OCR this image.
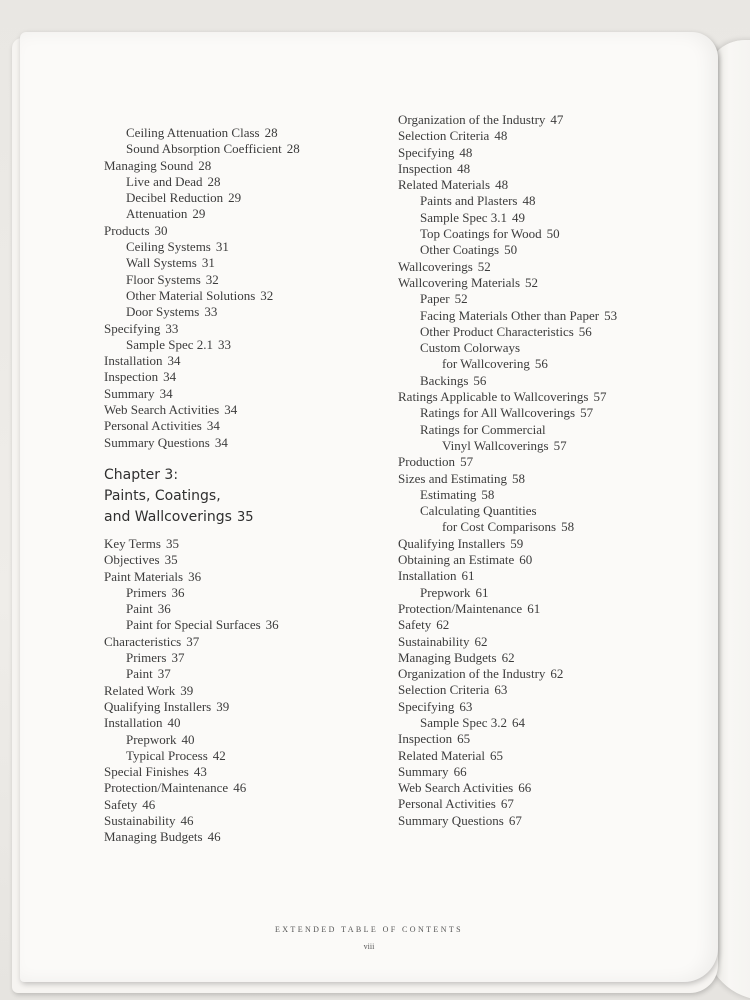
Ceiling Attenuation Class 28
Sound Absorption Coefficient 28
Managing Sound 28
Live and Dead 28
Decibel Reduction 29
Attenuation 29
Products 30
Ceiling Systems 31
Wall Systems 31
Floor Systems 32
Other Material Solutions 32
Door Systems 33
Specifying 33
Sample Spec 2.1 33
Installation 34
Inspection 34
Summary 34
Web Search Activities 34
Personal Activities 34
Summary Questions 34
Chapter 3:
Paints, Coatings,
and Wallcoverings 35
Key Terms 35
Objectives 35
Paint Materials 36
Primers 36
Paint 36
Paint for Special Surfaces 36
Characteristics 37
Primers 37
Paint 37
Related Work 39
Qualifying Installers 39
Installation 40
Prepwork 40
Typical Process 42
Special Finishes 43
Protection/Maintenance 46
Safety 46
Sustainability 46
Managing Budgets 46
Organization of the Industry 47
Selection Criteria 48
Specifying 48
Inspection 48
Related Materials 48
Paints and Plasters 48
Sample Spec 3.1 49
Top Coatings for Wood 50
Other Coatings 50
Wallcoverings 52
Wallcovering Materials 52
Paper 52
Facing Materials Other than Paper 53
Other Product Characteristics 56
Custom Colorways
for Wallcovering 56
Backings 56
Ratings Applicable to Wallcoverings 57
Ratings for All Wallcoverings 57
Ratings for Commercial
Vinyl Wallcoverings 57
Production 57
Sizes and Estimating 58
Estimating 58
Calculating Quantities
for Cost Comparisons 58
Qualifying Installers 59
Obtaining an Estimate 60
Installation 61
Prepwork 61
Protection/Maintenance 61
Safety 62
Sustainability 62
Managing Budgets 62
Organization of the Industry 62
Selection Criteria 63
Specifying 63
Sample Spec 3.2 64
Inspection 65
Related Material 65
Summary 66
Web Search Activities 66
Personal Activities 67
Summary Questions 67
EXTENDED TABLE OF CONTENTS
viii
